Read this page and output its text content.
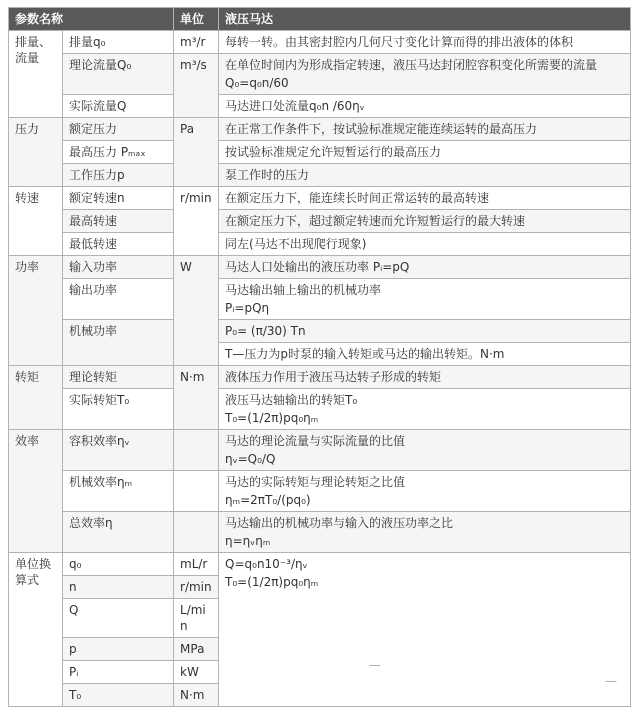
参数名称		单位	液压马达
排量、流量	排量q₀	m³/r	每转一转。由其密封腔内几何尺寸变化计算而得的排出液体的体积
	理论流量Q₀	m³/s	在单位时间内为形成指定转速，液压马达封闭腔容积变化所需要的流量
Q₀=q₀n/60

	实际流量Q		马达进口处流量q₀n /60ηᵥ
压力	额定压力	Pa	在正常工作条件下，按试验标准规定能连续运转的最高压力
	最高压力 Pₘₐₓ		按试验标准规定允许短暂运行的最高压力
	工作压力p		泵工作时的压力
转速	额定转速n	r/min	在额定压力下，能连续长时间正常运转的最高转速
	最高转速		在额定压力下，超过额定转速而允许短暂运行的最大转速
	最低转速		同左(马达不出现爬行现象)
功率	输入功率	W	马达人口处输出的液压功率 Pᵢ=pQ
	输出功率		马达输出轴上输出的机械功率
Pᵢ=pQη

	机械功率		P₀= (π/30) Tn
			T—压力为p时泵的输入转矩或马达的输出转矩。N·m
转矩	理论转矩	N·m	液体压力作用于液压马达转子形成的转矩
	实际转矩T₀		液压马达轴输出的转矩T₀
T₀=(1/2π)pq₀ηₘ

效率	容积效率ηᵥ		马达的理论流量与实际流量的比值
ηᵥ=Q₀/Q

	机械效率ηₘ		马达的实际转矩与理论转矩之比值
ηₘ=2πT₀/(pq₀)

	总效率η		马达输出的机械功率与输入的液压功率之比
η=ηᵥηₘ

单位换算式	q₀	mL/r	Q=q₀n10⁻³/ηᵥ
T₀=(1/2π)pq₀ηₘ
—
—

	n	r/min	
	Q	L/min	
	p	MPa	
	Pᵢ	kW	
	T₀	N·m	
